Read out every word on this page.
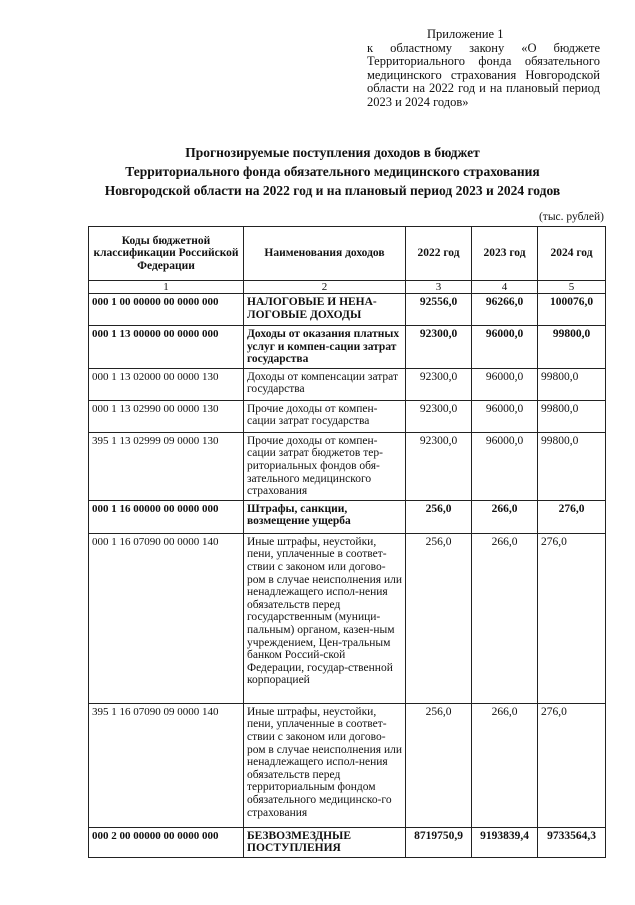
Приложение 1
к областному закону «О бюджете Территориального фонда обязательного медицинского страхования Новгородской области на 2022 год и на плановый период 2023 и 2024 годов»
Прогнозируемые поступления доходов в бюджет
Территориального фонда обязательного медицинского страхования
Новгородской области на 2022 год и на плановый период 2023 и 2024 годов
(тыс. рублей)
Коды бюджетной классификации Российской Федерации	Наименования доходов	2022 год	2023 год	2024 год
1	2	3	4	5
000 1 00 00000 00 0000 000	НАЛОГОВЫЕ И НЕНА-ЛОГОВЫЕ ДОХОДЫ	92556,0	96266,0	100076,0
000 1 13 00000 00 0000 000	Доходы от оказания платных услуг и компен-сации затрат государства	92300,0	96000,0	99800,0
000 1 13 02000 00 0000 130	Доходы от компенсации затрат государства	92300,0	96000,0	99800,0
000 1 13 02990 00 0000 130	Прочие доходы от компен-сации затрат государства	92300,0	96000,0	99800,0
395 1 13 02999 09 0000 130	Прочие доходы от компен-сации затрат бюджетов тер-риториальных фондов обя-зательного медицинского страхования	92300,0	96000,0	99800,0
000 1 16 00000 00 0000 000	Штрафы, санкции, возмещение ущерба	256,0	266,0	276,0
000 1 16 07090 00 0000 140	Иные штрафы, неустойки, пени, уплаченные в соответ-ствии с законом или догово-ром в случае неисполнения или ненадлежащего испол-нения обязательств перед государственным (муници-пальным) органом, казен-ным учреждением, Цен-тральным банком Россий-ской Федерации, государ-ственной корпорацией	256,0	266,0	276,0
395 1 16 07090 09 0000 140	Иные штрафы, неустойки, пени, уплаченные в соответ-ствии с законом или догово-ром в случае неисполнения или ненадлежащего испол-нения обязательств перед территориальным фондом обязательного медицинско-го страхования	256,0	266,0	276,0
000 2 00 00000 00 0000 000	БЕЗВОЗМЕЗДНЫЕ ПОСТУПЛЕНИЯ	8719750,9	9193839,4	9733564,3
